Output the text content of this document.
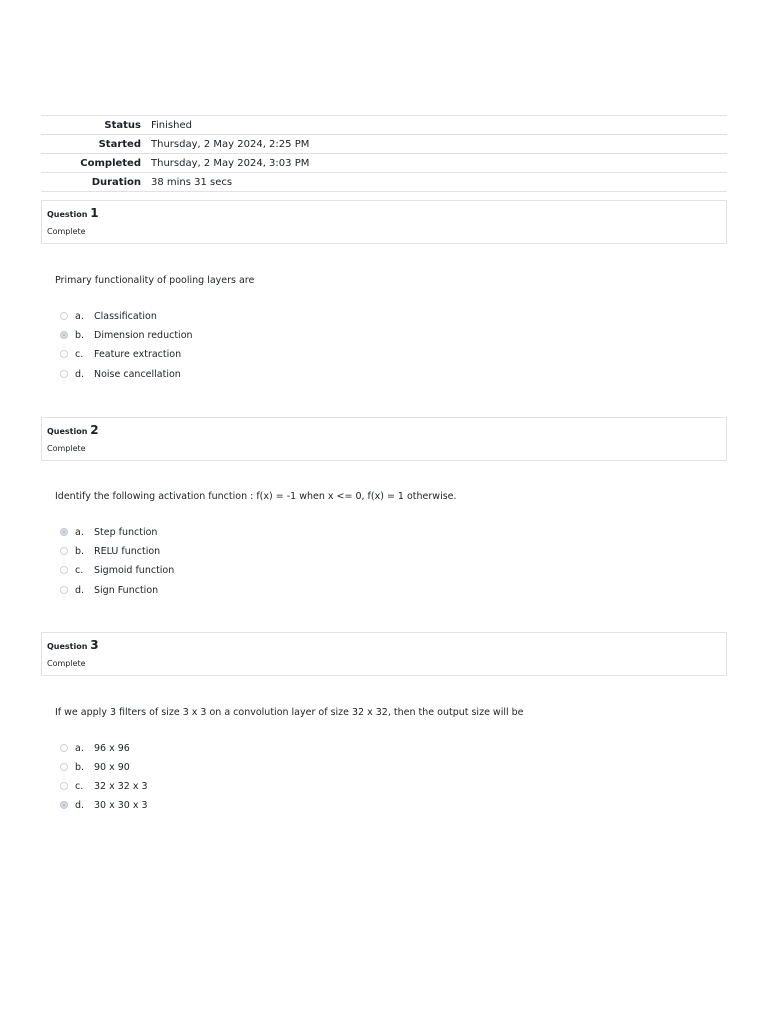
Status	Finished
Started	Thursday, 2 May 2024, 2:25 PM
Completed	Thursday, 2 May 2024, 3:03 PM
Duration	38 mins 31 secs
Question 1
Complete
Primary functionality of pooling layers are
a.	Classification
b.	Dimension reduction
c.	Feature extraction
d.	Noise cancellation
Question 2
Complete
Identify the following activation function : f(x) = -1 when x <= 0, f(x) = 1 otherwise.
a.	Step function
b.	RELU function
c.	Sigmoid function
d.	Sign Function
Question 3
Complete
If we apply 3 filters of size 3 x 3 on a convolution layer of size 32 x 32, then the output size will be
a.	96 x 96
b.	90 x 90
c.	32 x 32 x 3
d.	30 x 30 x 3
